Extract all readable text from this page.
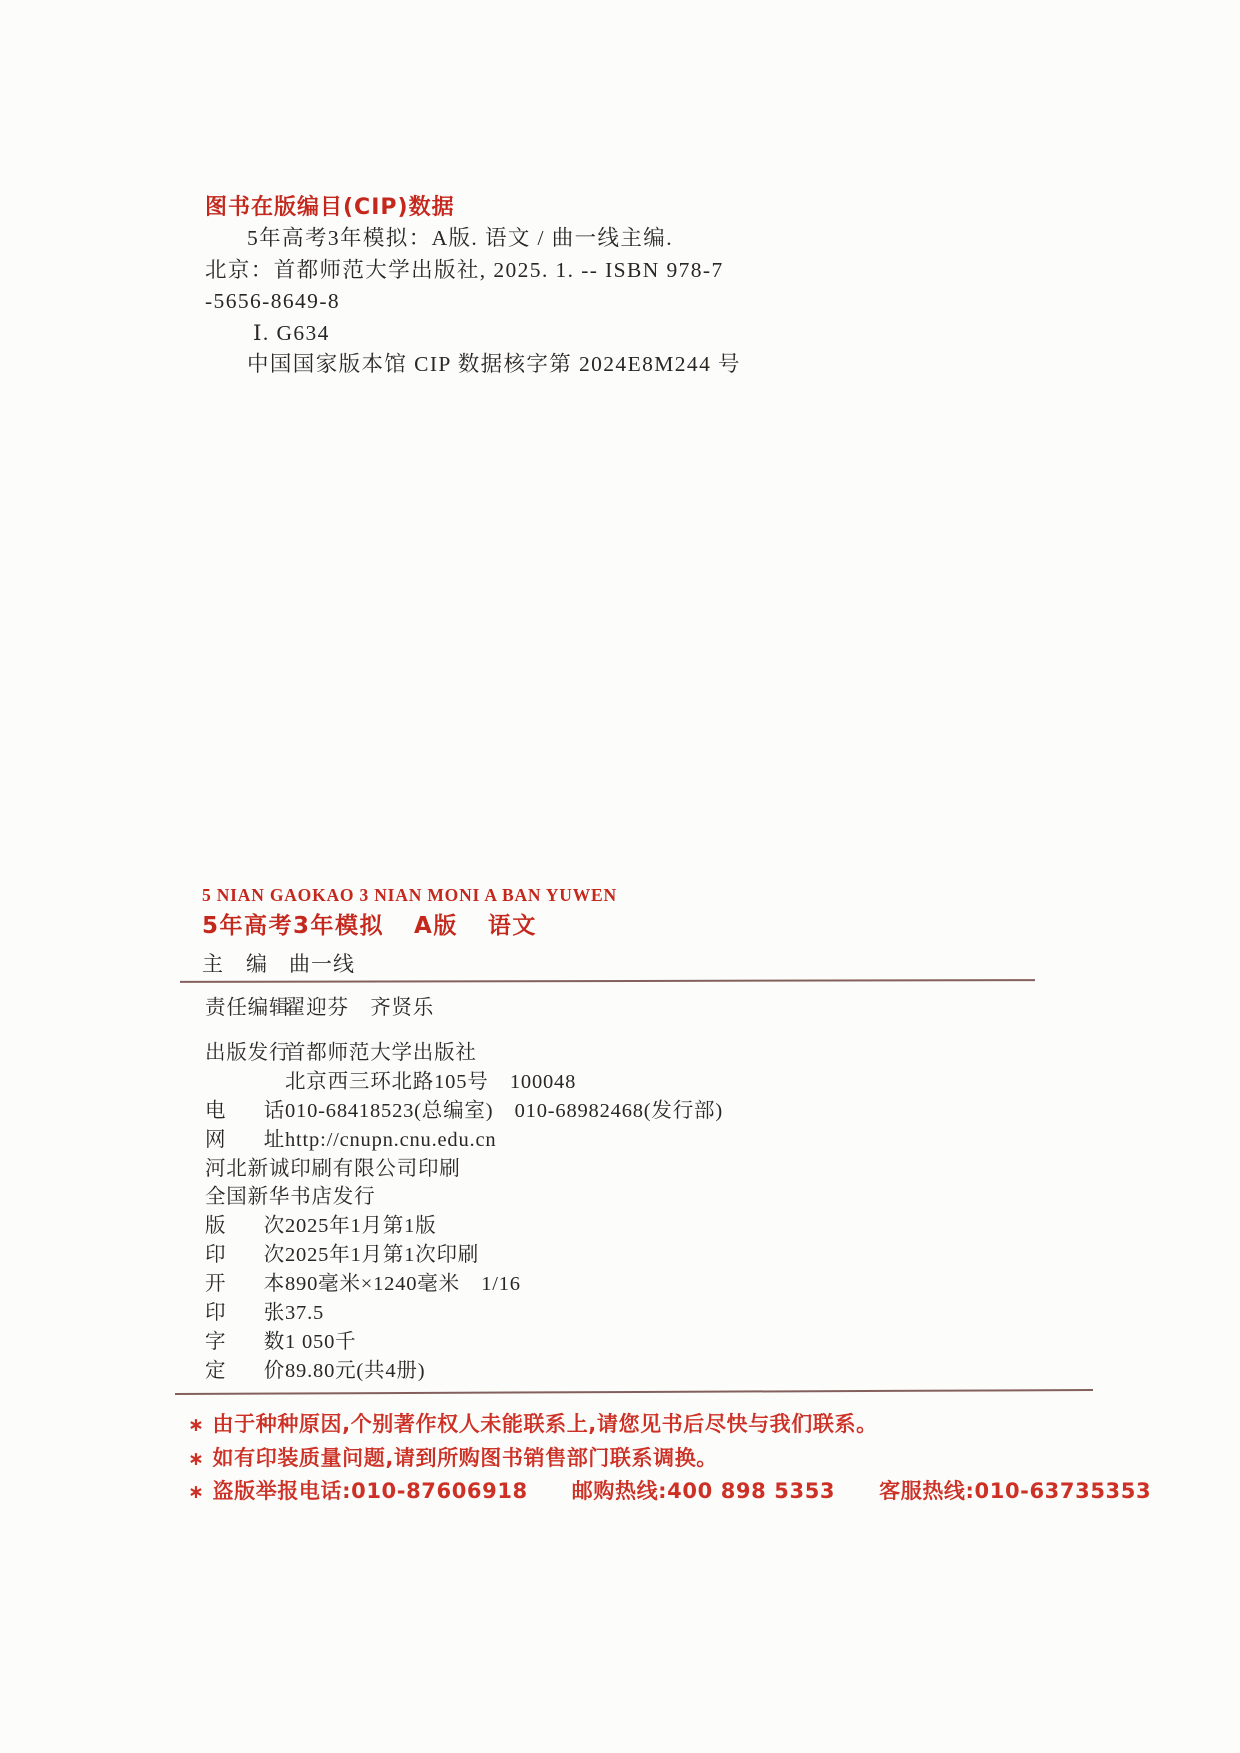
图书在版编目(CIP)数据
5年高考3年模拟：A版. 语文 / 曲一线主编.
北京：首都师范大学出版社, 2025. 1. -- ISBN 978-7
-5656-8649-8
Ⅰ. G634
中国国家版本馆 CIP 数据核字第 2024E8M244 号
5 NIAN GAOKAO 3 NIAN MONI A BAN YUWEN
5年高考3年模拟 A版 语文
主 编 曲一线
责 任 编 辑
翟迎芬　齐贤乐
出 版 发 行
首都师范大学出版社
北京西三环北路105号　100048
电 话 010-68418523(总编室)　010-68982468(发行部)
网 址 http://cnupn.cnu.edu.cn
河北新诚印刷有限公司印刷
全国新华书店发行
版 次 2025年1月第1版
印 次 2025年1月第1次印刷
开 本 890毫米×1240毫米　1/16
印 张 37.5
字 数 1 050千
定 价 89.80元(共4册)
∗ 由于种种原因,个别著作权人未能联系上,请您见书后尽快与我们联系。
∗ 如有印装质量问题,请到所购图书销售部门联系调换。
∗ 盗版举报电话:010-87606918 邮购热线:400 898 5353 客服热线:010-63735353
